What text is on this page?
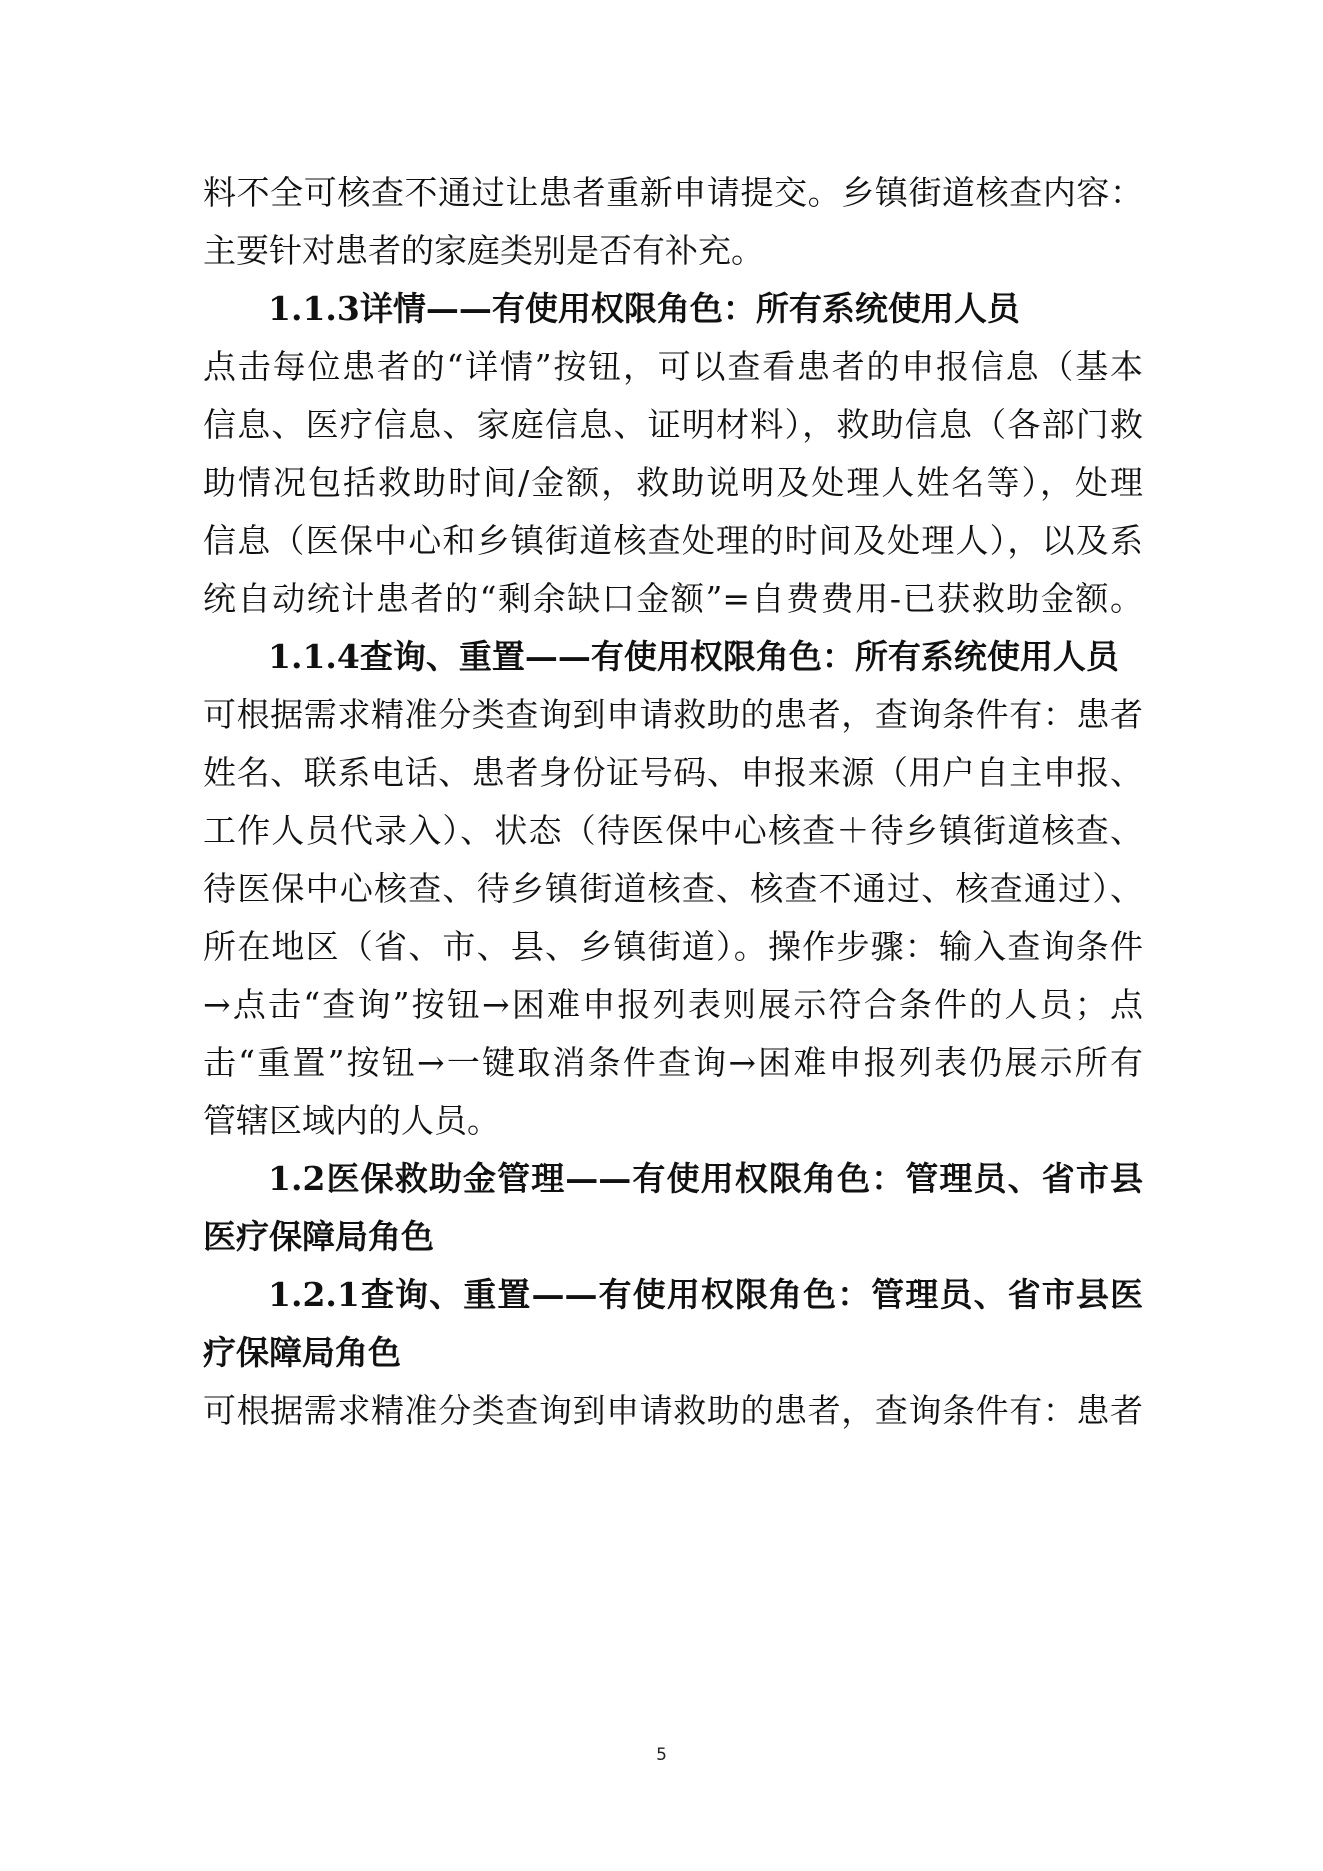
料不全可核查不通过让患者重新申请提交。乡镇街道核查内容：
主要针对患者的家庭类别是否有补充。
1.1.3详情——有使用权限角色：所有系统使用人员
点击每位患者的“详情”按钮，可以查看患者的申报信息（基本
信息、医疗信息、家庭信息、证明材料），救助信息（各部门救
助情况包括救助时间/金额，救助说明及处理人姓名等），处理
信息（医保中心和乡镇街道核查处理的时间及处理人），以及系
统自动统计患者的“剩余缺口金额”=自费费用-已获救助金额。
1.1.4查询、重置——有使用权限角色：所有系统使用人员
可根据需求精准分类查询到申请救助的患者，查询条件有：患者
姓名、联系电话、患者身份证号码、申报来源（用户自主申报、
工作人员代录入）、状态（待医保中心核查＋待乡镇街道核查、
待医保中心核查、待乡镇街道核查、核查不通过、核查通过）、
所在地区（省、市、县、乡镇街道）。操作步骤：输入查询条件
→点击“查询”按钮→困难申报列表则展示符合条件的人员；点
击“重置”按钮→一键取消条件查询→困难申报列表仍展示所有
管辖区域内的人员。
1.2医保救助金管理——有使用权限角色：管理员、省市县
医疗保障局角色
1.2.1查询、重置——有使用权限角色：管理员、省市县医
疗保障局角色
可根据需求精准分类查询到申请救助的患者，查询条件有：患者
5
